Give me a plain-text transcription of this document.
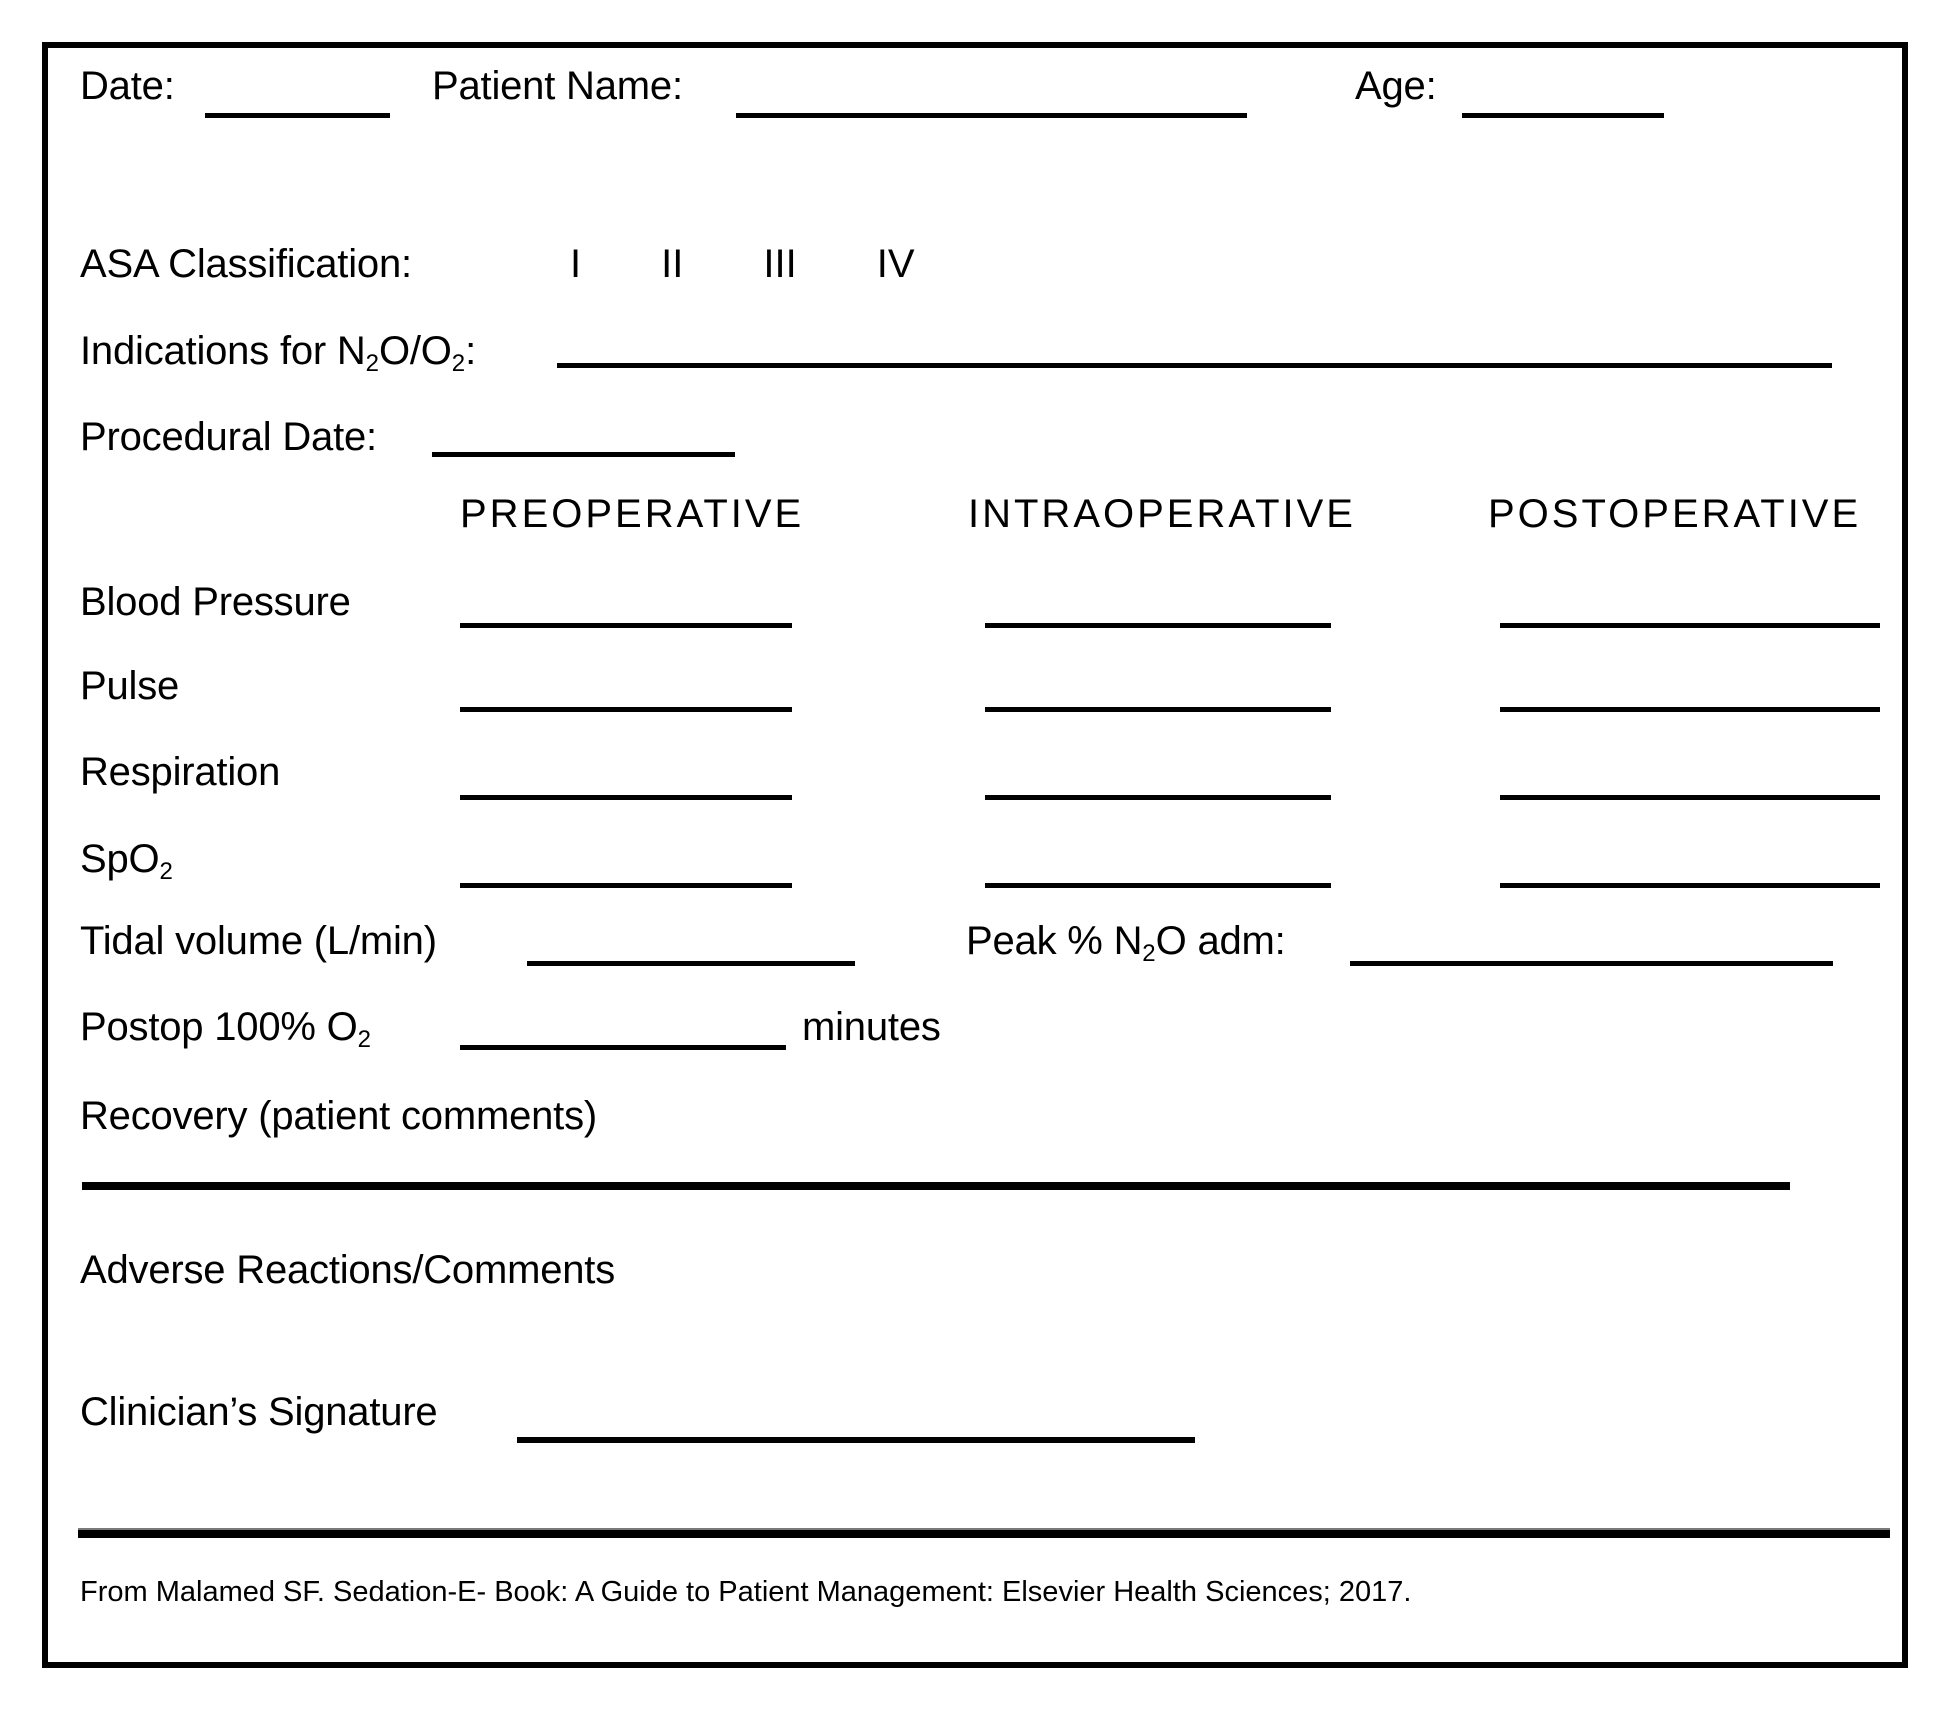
Date:	Patient Name:	Age:
ASA Classification:	I II III IV
Indications for $N_2O/O_2$:
Procedural Date:
PREOPERATIVE	INTRAOPERATIVE	POSTOPERATIVE
Blood Pressure
Pulse
Respiration
SpO$_2$
Tidal volume (L/min)	Peak % $N_2O$ adm:
Postop 100% $O_2$	minutes
Recovery (patient comments)
Adverse Reactions/Comments
Clinician’s Signature
From Malamed SF. Sedation-E- Book: A Guide to Patient Management: Elsevier Health Sciences; 2017.
